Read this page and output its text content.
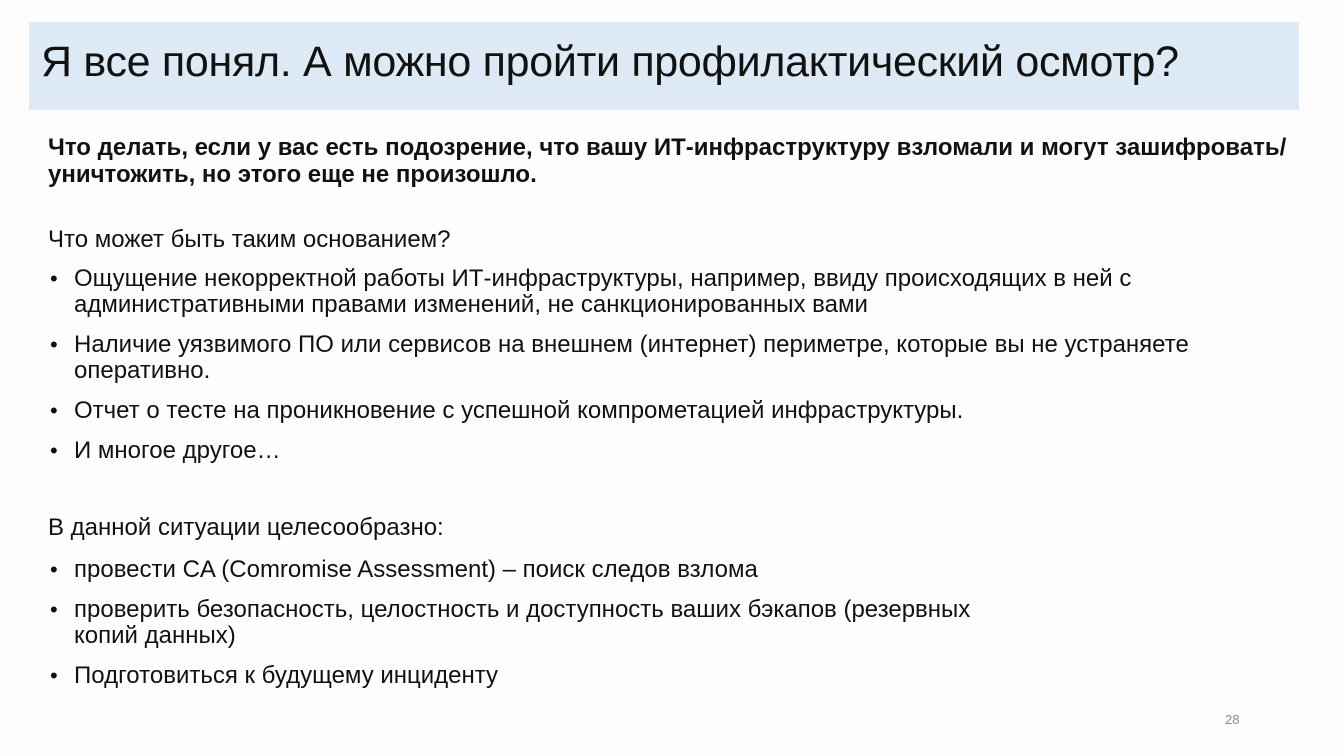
Я все понял. А можно пройти профилактический осмотр?

Что делать, если у вас есть подозрение, что вашу ИТ-инфраструктуру взломали и могут зашифровать/уничтожить, но этого еще не произошло.

Что может быть таким основанием?

• Ощущение некорректной работы ИТ-инфраструктуры, например, ввиду происходящих в ней с административными правами изменений, не санкционированных вами
• Наличие уязвимого ПО или сервисов на внешнем (интернет) периметре, которые вы не устраняете оперативно.
• Отчет о тесте на проникновение с успешной компрометацией инфраструктуры.
• И многое другое…

В данной ситуации целесообразно:

• провести CA (Comromise Assessment) – поиск следов взлома
• проверить безопасность, целостность и доступность ваших бэкапов (резервных копий данных)
• Подготовиться к будущему инциденту
28
